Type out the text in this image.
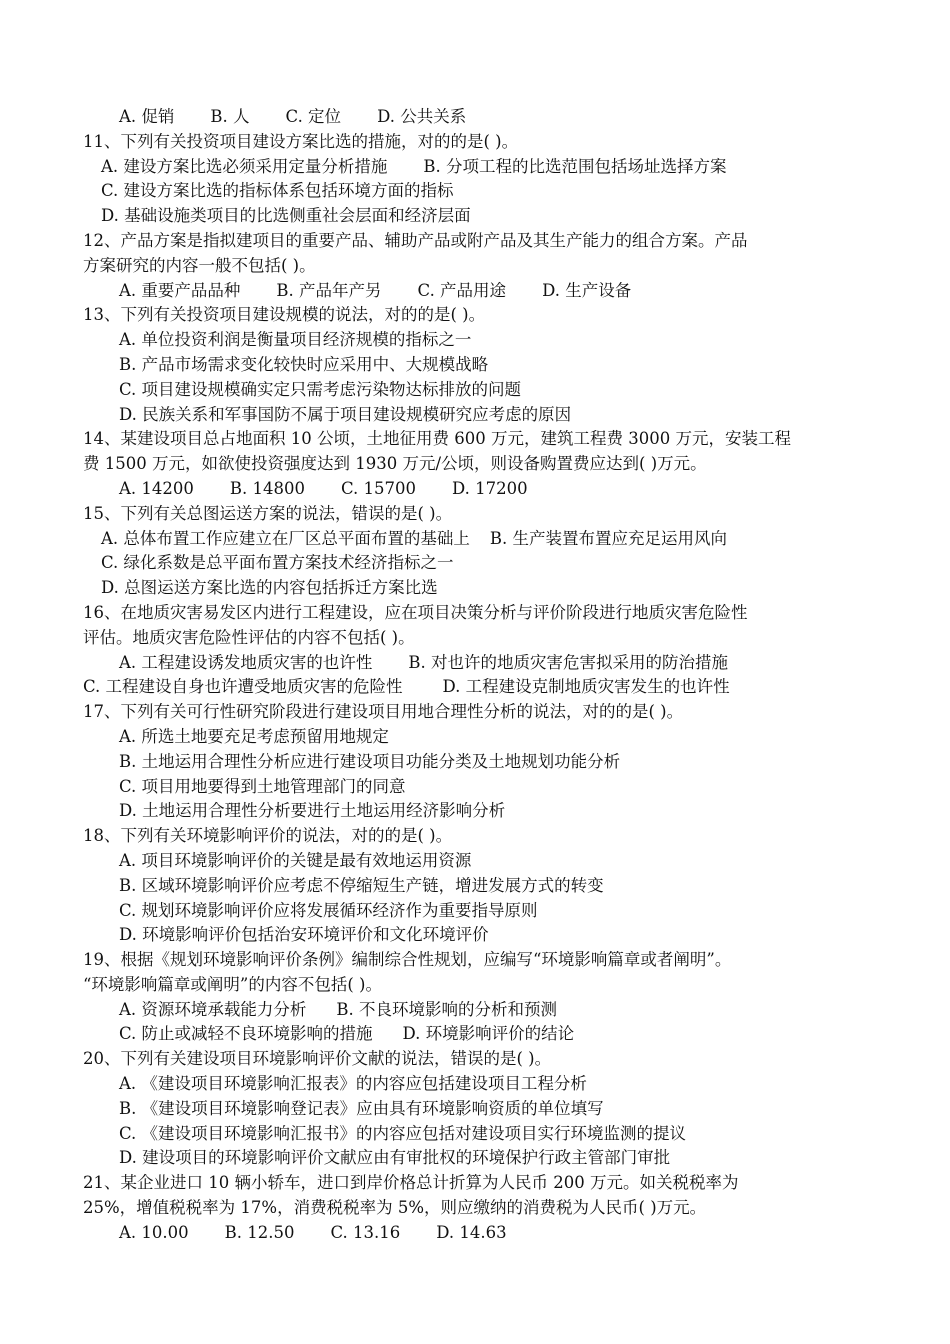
A. 促销 B. 人 C. 定位 D. 公共关系
11、下列有关投资项目建设方案比选的措施，对的的是( )。
A. 建设方案比选必须采用定量分析措施 B. 分项工程的比选范围包括场址选择方案
C. 建设方案比选的指标体系包括环境方面的指标
D. 基础设施类项目的比选侧重社会层面和经济层面
12、产品方案是指拟建项目的重要产品、辅助产品或附产品及其生产能力的组合方案。产品
方案研究的内容一般不包括( )。
A. 重要产品品种 B. 产品年产另 C. 产品用途 D. 生产设备
13、下列有关投资项目建设规模的说法，对的的是( )。
A. 单位投资利润是衡量项目经济规模的指标之一
B. 产品市场需求变化较快时应采用中、大规模战略
C. 项目建设规模确实定只需考虑污染物达标排放的问题
D. 民族关系和军事国防不属于项目建设规模研究应考虑的原因
14、某建设项目总占地面积 10 公顷，土地征用费 600 万元，建筑工程费 3000 万元，安装工程
费 1500 万元，如欲使投资强度达到 1930 万元/公顷，则设备购置费应达到( )万元。
A. 14200 B. 14800 C. 15700 D. 17200
15、下列有关总图运送方案的说法，错误的是( )。
A. 总体布置工作应建立在厂区总平面布置的基础上 B. 生产装置布置应充足运用风向
C. 绿化系数是总平面布置方案技术经济指标之一
D. 总图运送方案比选的内容包括拆迁方案比选
16、在地质灾害易发区内进行工程建设，应在项目决策分析与评价阶段进行地质灾害危险性
评估。地质灾害危险性评估的内容不包括( )。
A. 工程建设诱发地质灾害的也许性 B. 对也许的地质灾害危害拟采用的防治措施
C. 工程建设自身也许遭受地质灾害的危险性 D. 工程建设克制地质灾害发生的也许性
17、下列有关可行性研究阶段进行建设项目用地合理性分析的说法，对的的是( )。
A. 所选土地要充足考虑预留用地规定
B. 土地运用合理性分析应进行建设项目功能分类及土地规划功能分析
C. 项目用地要得到土地管理部门的同意
D. 土地运用合理性分析要进行土地运用经济影响分析
18、下列有关环境影响评价的说法，对的的是( )。
A. 项目环境影响评价的关键是最有效地运用资源
B. 区域环境影响评价应考虑不停缩短生产链，增进发展方式的转变
C. 规划环境影响评价应将发展循环经济作为重要指导原则
D. 环境影响评价包括治安环境评价和文化环境评价
19、根据《规划环境影响评价条例》编制综合性规划，应编写“环境影响篇章或者阐明”。
“环境影响篇章或阐明”的内容不包括( )。
A. 资源环境承载能力分析 B. 不良环境影响的分析和预测
C. 防止或减轻不良环境影响的措施 D. 环境影响评价的结论
20、下列有关建设项目环境影响评价文献的说法，错误的是( )。
A. 《建设项目环境影响汇报表》的内容应包括建设项目工程分析
B. 《建设项目环境影响登记表》应由具有环境影响资质的单位填写
C. 《建设项目环境影响汇报书》的内容应包括对建设项目实行环境监测的提议
D. 建设项目的环境影响评价文献应由有审批权的环境保护行政主管部门审批
21、某企业进口 10 辆小轿车，进口到岸价格总计折算为人民币 200 万元。如关税税率为
25%，增值税税率为 17%，消费税税率为 5%，则应缴纳的消费税为人民币( )万元。
A. 10.00 B. 12.50 C. 13.16 D. 14.63
